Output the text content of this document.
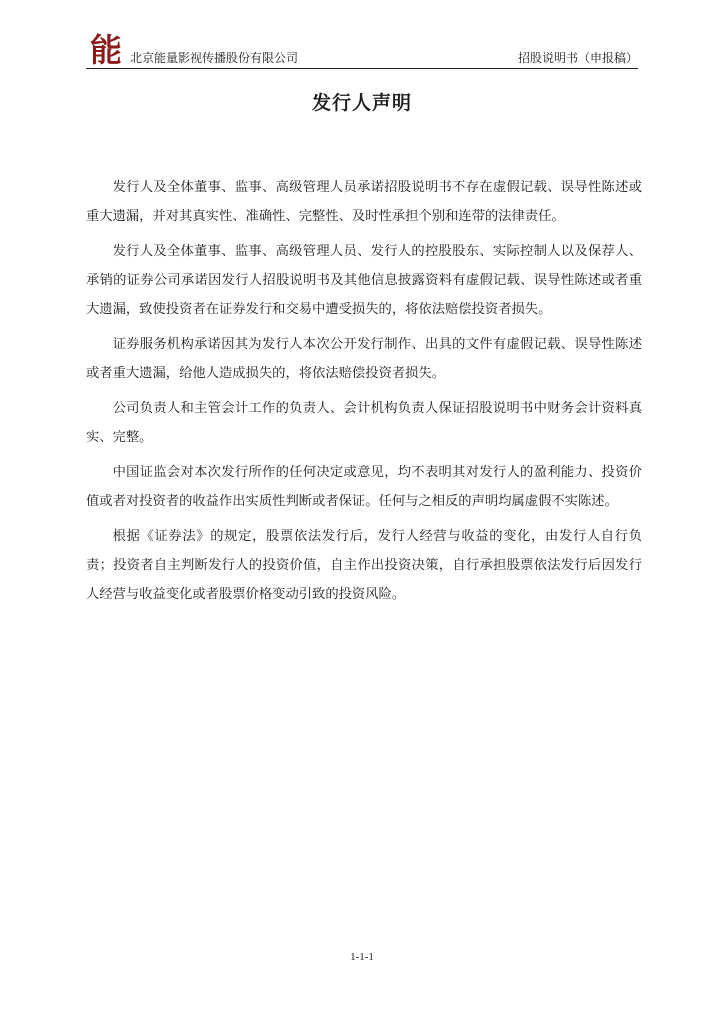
能 北京能量影视传播股份有限公司	招股说明书（申报稿）
发行人声明

发行人及全体董事、监事、高级管理人员承诺招股说明书不存在虚假记载、误导性陈述或重大遗漏，并对其真实性、准确性、完整性、及时性承担个别和连带的法律责任。

发行人及全体董事、监事、高级管理人员、发行人的控股股东、实际控制人以及保荐人、承销的证券公司承诺因发行人招股说明书及其他信息披露资料有虚假记载、误导性陈述或者重大遗漏，致使投资者在证券发行和交易中遭受损失的，将依法赔偿投资者损失。

证券服务机构承诺因其为发行人本次公开发行制作、出具的文件有虚假记载、误导性陈述或者重大遗漏，给他人造成损失的，将依法赔偿投资者损失。

公司负责人和主管会计工作的负责人、会计机构负责人保证招股说明书中财务会计资料真实、完整。

中国证监会对本次发行所作的任何决定或意见，均不表明其对发行人的盈利能力、投资价值或者对投资者的收益作出实质性判断或者保证。任何与之相反的声明均属虚假不实陈述。

根据《证券法》的规定，股票依法发行后，发行人经营与收益的变化，由发行人自行负责；投资者自主判断发行人的投资价值，自主作出投资决策，自行承担股票依法发行后因发行人经营与收益变化或者股票价格变动引致的投资风险。

1-1-1
